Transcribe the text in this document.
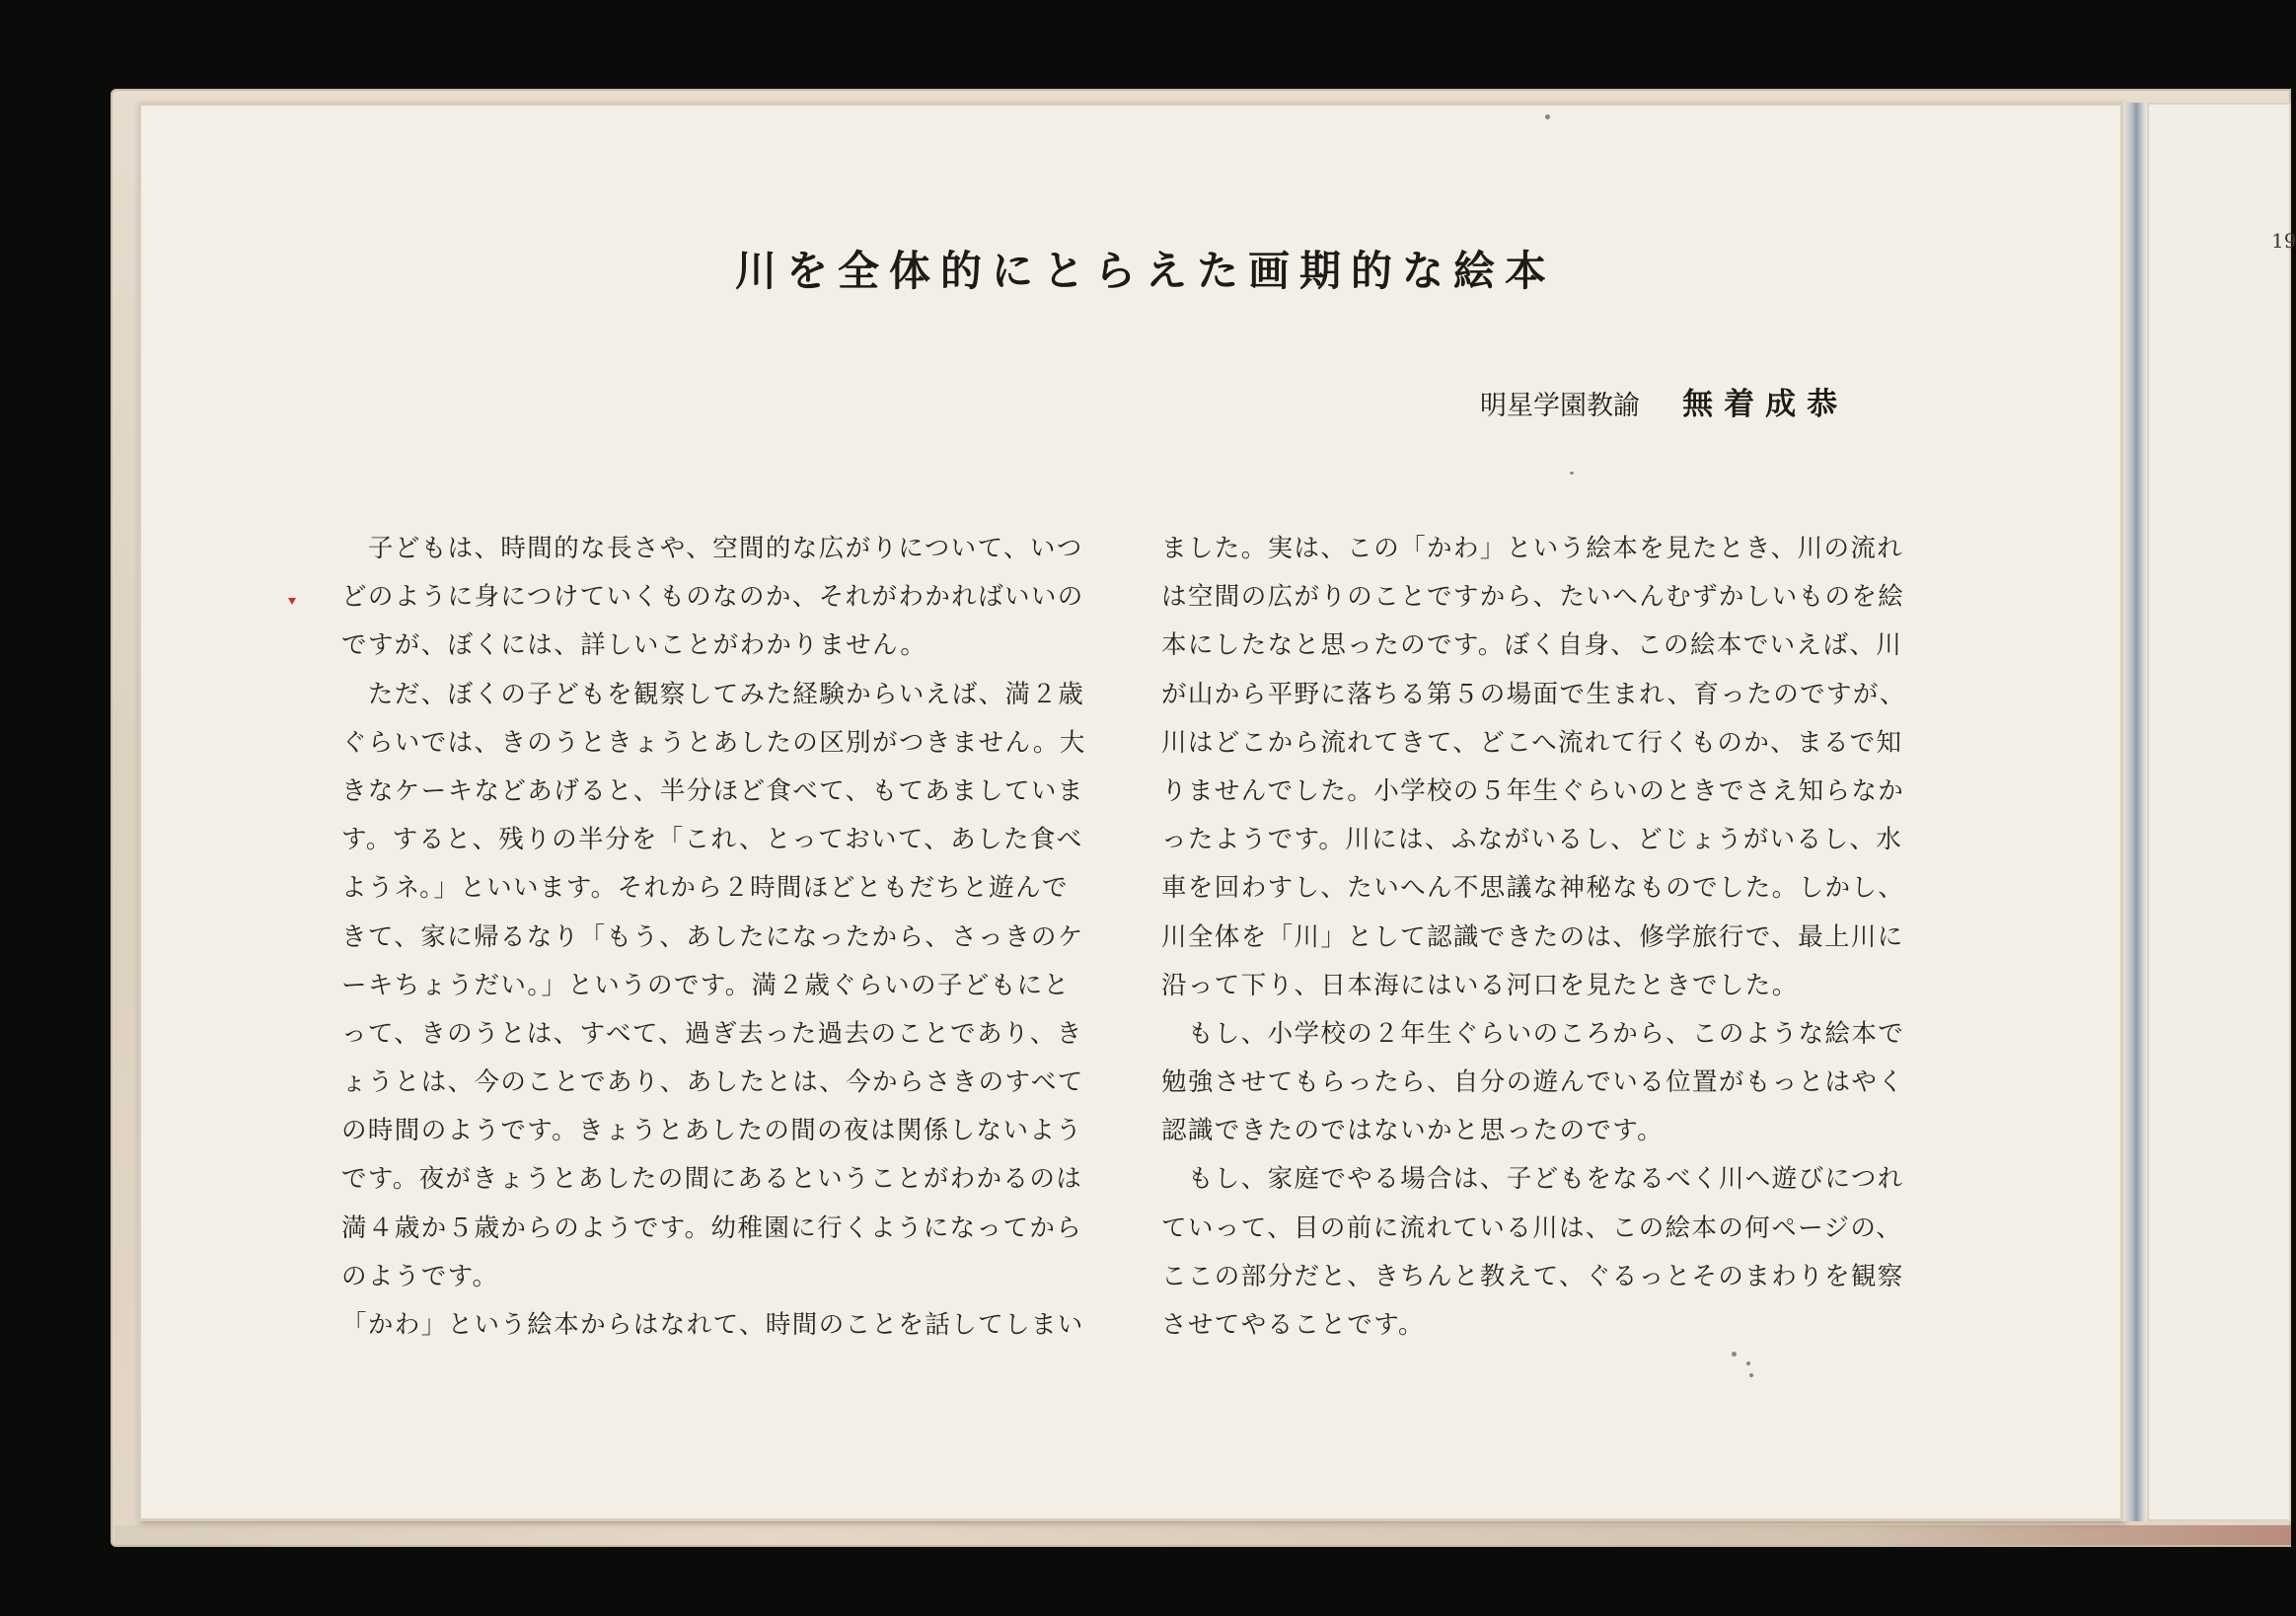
19
川を全体的にとらえた画期的な絵本
明星学園教諭 無着成恭
　子どもは、時間的な長さや、空間的な広がりについて、いつ
どのように身につけていくものなのか、それがわかればいいの
ですが、ぼくには、詳しいことがわかりません。
　ただ、ぼくの子どもを観察してみた経験からいえば、満２歳
ぐらいでは、きのうときょうとあしたの区別がつきません。大
きなケーキなどあげると、半分ほど食べて、もてあましていま
す。すると、残りの半分を「これ、とっておいて、あした食べ
ようネ。」といいます。それから２時間ほどともだちと遊んで
きて、家に帰るなり「もう、あしたになったから、さっきのケ
ーキちょうだい。」というのです。満２歳ぐらいの子どもにと
って、きのうとは、すべて、過ぎ去った過去のことであり、き
ょうとは、今のことであり、あしたとは、今からさきのすべて
の時間のようです。きょうとあしたの間の夜は関係しないよう
です。夜がきょうとあしたの間にあるということがわかるのは
満４歳か５歳からのようです。幼稚園に行くようになってから
のようです。
「かわ」という絵本からはなれて、時間のことを話してしまい
ました。実は、この「かわ」という絵本を見たとき、川の流れ
は空間の広がりのことですから、たいへんむずかしいものを絵
本にしたなと思ったのです。ぼく自身、この絵本でいえば、川
が山から平野に落ちる第５の場面で生まれ、育ったのですが、
川はどこから流れてきて、どこへ流れて行くものか、まるで知
りませんでした。小学校の５年生ぐらいのときでさえ知らなか
ったようです。川には、ふながいるし、どじょうがいるし、水
車を回わすし、たいへん不思議な神秘なものでした。しかし、
川全体を「川」として認識できたのは、修学旅行で、最上川に
沿って下り、日本海にはいる河口を見たときでした。
　もし、小学校の２年生ぐらいのころから、このような絵本で
勉強させてもらったら、自分の遊んでいる位置がもっとはやく
認識できたのではないかと思ったのです。
　もし、家庭でやる場合は、子どもをなるべく川へ遊びにつれ
ていって、目の前に流れている川は、この絵本の何ページの、
ここの部分だと、きちんと教えて、ぐるっとそのまわりを観察
させてやることです。
